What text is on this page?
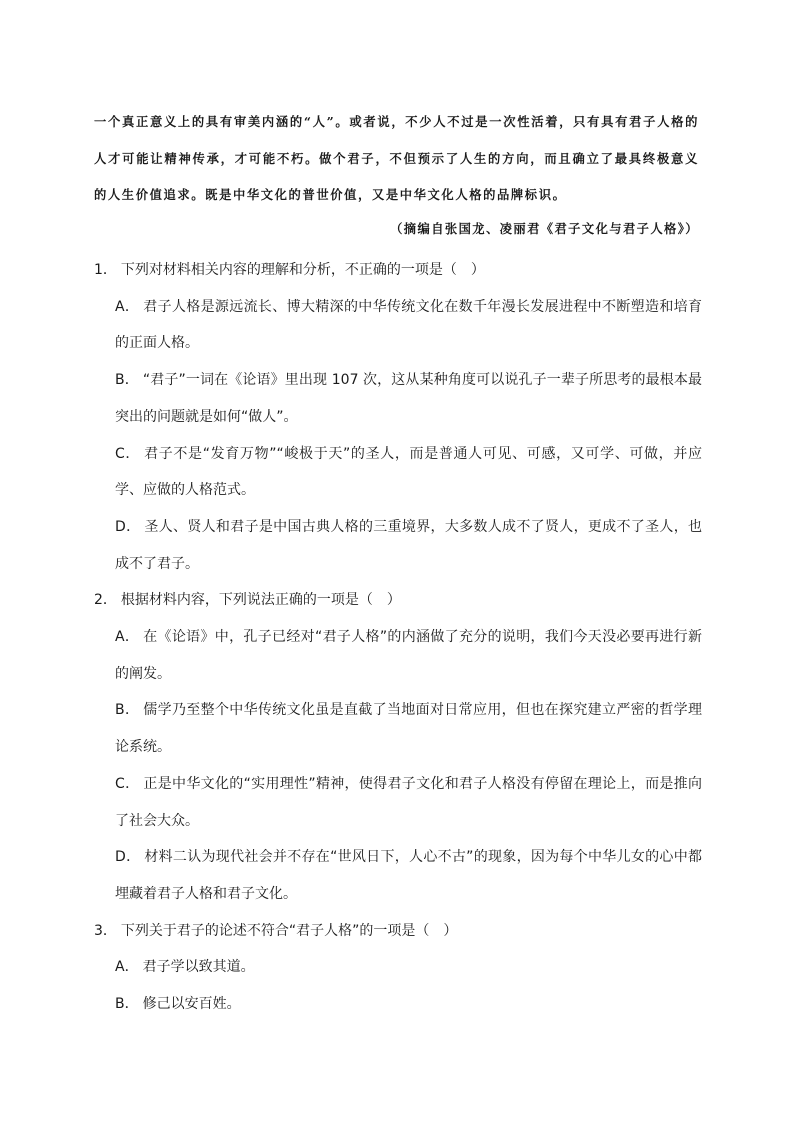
一个真正意义上的具有审美内涵的“人”。或者说，不少人不过是一次性活着，只有具有君子人格的人才可能让精神传承，才可能不朽。做个君子，不但预示了人生的方向，而且确立了最具终极意义的人生价值追求。既是中华文化的普世价值，又是中华文化人格的品牌标识。

（摘编自张国龙、凌丽君《君子文化与君子人格》）

1． 下列对材料相关内容的理解和分析，不正确的一项是（　）

A． 君子人格是源远流长、博大精深的中华传统文化在数千年漫长发展进程中不断塑造和培育的正面人格。

B． “君子”一词在《论语》里出现 107 次，这从某种角度可以说孔子一辈子所思考的最根本最突出的问题就是如何“做人”。

C． 君子不是“发育万物”“峻极于天”的圣人，而是普通人可见、可感，又可学、可做，并应学、应做的人格范式。

D． 圣人、贤人和君子是中国古典人格的三重境界，大多数人成不了贤人，更成不了圣人，也成不了君子。

2． 根据材料内容，下列说法正确的一项是（　）

A． 在《论语》中，孔子已经对“君子人格”的内涵做了充分的说明，我们今天没必要再进行新的阐发。

B． 儒学乃至整个中华传统文化虽是直截了当地面对日常应用，但也在探究建立严密的哲学理论系统。

C． 正是中华文化的“实用理性”精神，使得君子文化和君子人格没有停留在理论上，而是推向了社会大众。

D． 材料二认为现代社会并不存在“世风日下，人心不古”的现象，因为每个中华儿女的心中都埋藏着君子人格和君子文化。

3． 下列关于君子的论述不符合“君子人格”的一项是（　）

A． 君子学以致其道。

B． 修己以安百姓。
